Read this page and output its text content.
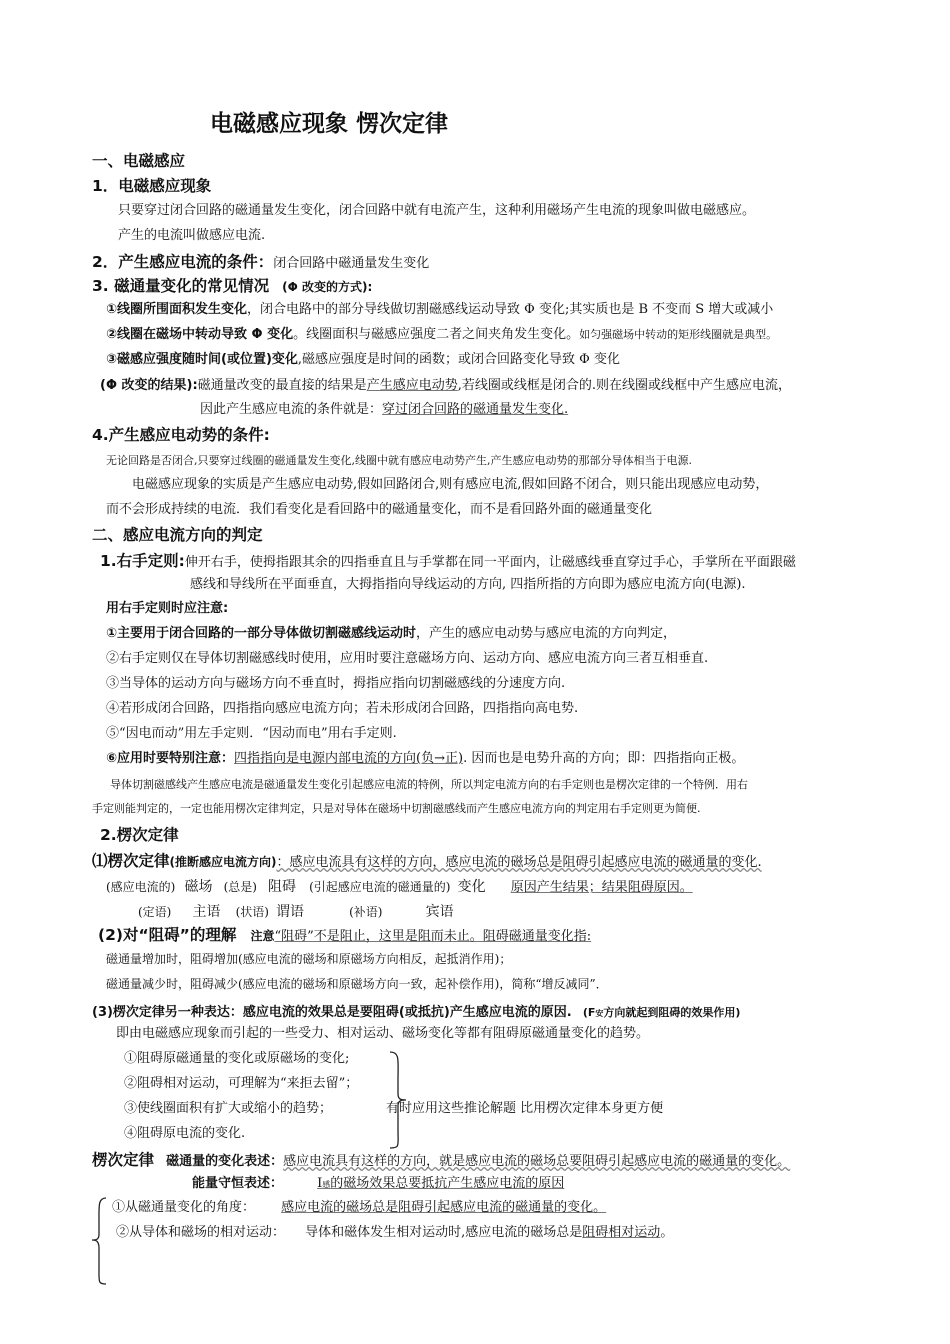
电磁感应现象 愣次定律
一、电磁感应
1．电磁感应现象
只要穿过闭合回路的磁通量发生变化，闭合回路中就有电流产生，这种利用磁场产生电流的现象叫做电磁感应。
产生的电流叫做感应电流.
2．产生感应电流的条件：闭合回路中磁通量发生变化
3. 磁通量变化的常见情况 (Φ 改变的方式):
①线圈所围面积发生变化，闭合电路中的部分导线做切割磁感线运动导致 Φ 变化;其实质也是 B 不变而 S 增大或减小
②线圈在磁场中转动导致 Φ 变化。线圈面积与磁感应强度二者之间夹角发生变化。如匀强磁场中转动的矩形线圈就是典型。
③磁感应强度随时间(或位置)变化,磁感应强度是时间的函数；或闭合回路变化导致 Φ 变化
(Φ 改变的结果):磁通量改变的最直接的结果是产生感应电动势,若线圈或线框是闭合的.则在线圈或线框中产生感应电流，
因此产生感应电流的条件就是：穿过闭合回路的磁通量发生变化.
4.产生感应电动势的条件:
无论回路是否闭合,只要穿过线圈的磁通量发生变化,线圈中就有感应电动势产生,产生感应电动势的那部分导体相当于电源.
电磁感应现象的实质是产生感应电动势,假如回路闭合,则有感应电流,假如回路不闭合，则只能出现感应电动势，
而不会形成持续的电流．我们看变化是看回路中的磁通量变化，而不是看回路外面的磁通量变化
二、感应电流方向的判定
1.右手定则:伸开右手，使拇指跟其余的四指垂直且与手掌都在同一平面内，让磁感线垂直穿过手心，手掌所在平面跟磁
感线和导线所在平面垂直，大拇指指向导线运动的方向, 四指所指的方向即为感应电流方向(电源).
用右手定则时应注意:
①主要用于闭合回路的一部分导体做切割磁感线运动时，产生的感应电动势与感应电流的方向判定，
②右手定则仅在导体切割磁感线时使用，应用时要注意磁场方向、运动方向、感应电流方向三者互相垂直.
③当导体的运动方向与磁场方向不垂直时，拇指应指向切割磁感线的分速度方向.
④若形成闭合回路，四指指向感应电流方向；若未形成闭合回路，四指指向高电势.
⑤“因电而动”用左手定则．“因动而电”用右手定则.
⑥应用时要特别注意：四指指向是电源内部电流的方向(负→正). 因而也是电势升高的方向；即：四指指向正极。
导体切割磁感线产生感应电流是磁通量发生变化引起感应电流的特例，所以判定电流方向的右手定则也是楞次定律的一个特例．用右
手定则能判定的，一定也能用楞次定律判定，只是对导体在磁场中切割磁感线而产生感应电流方向的判定用右手定则更为简便.
2.楞次定律
⑴楞次定律(推断感应电流方向)：感应电流具有这样的方向，感应电流的磁场总是阻碍引起感应电流的磁通量的变化.
(感应电流的) 磁场 (总是) 阻碍 (引起感应电流的磁通量的) 变化 原因产生结果；结果阻碍原因。
(定语) 主语 (状语) 谓语	(补语)	宾语
(2)对“阻碍”的理解 注意“阻碍”不是阻止，这里是阻而未止。阻碍磁通量变化指:
磁通量增加时，阻碍增加(感应电流的磁场和原磁场方向相反，起抵消作用)；
磁通量减少时，阻碍减少(感应电流的磁场和原磁场方向一致，起补偿作用)，简称“增反减同”．
(3)楞次定律另一种表达：感应电流的效果总是要阻碍(或抵抗)产生感应电流的原因. (F安方向就起到阻碍的效果作用)
即由电磁感应现象而引起的一些受力、相对运动、磁场变化等都有阻碍原磁通量变化的趋势。
①阻碍原磁通量的变化或原磁场的变化;
②阻碍相对运动，可理解为“来拒去留”；
③使线圈面积有扩大或缩小的趋势；	有时应用这些推论解题 比用楞次定律本身更方便
④阻碍原电流的变化.
楞次定律 磁通量的变化表述：感应电流具有这样的方向，就是感应电流的磁场总要阻碍引起感应电流的磁通量的变化。
能量守恒表述：	I感的磁场效果总要抵抗产生感应电流的原因
①从磁通量变化的角度： 感应电流的磁场总是阻碍引起感应电流的磁通量的变化。
②从导体和磁场的相对运动： 导体和磁体发生相对运动时,感应电流的磁场总是阻碍相对运动。
